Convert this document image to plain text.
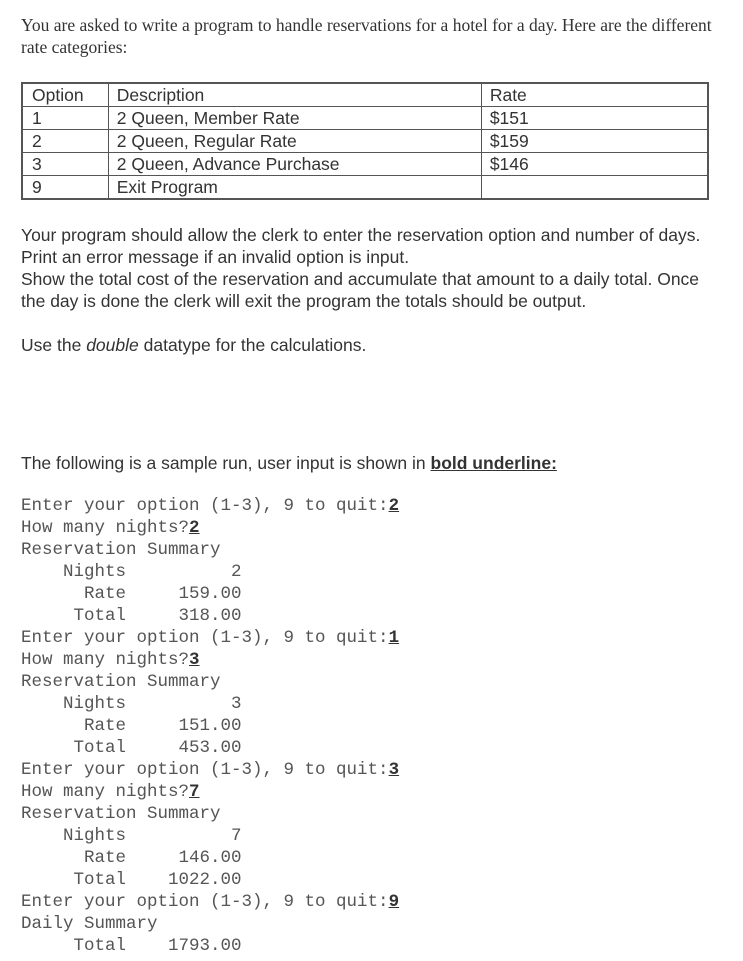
You are asked to write a program to handle reservations for a hotel for a day. Here are the different rate categories:
Option	Description	Rate
1	2 Queen, Member Rate	$151
2	2 Queen, Regular Rate	$159
3	2 Queen, Advance Purchase	$146
9	Exit Program	

Your program should allow the clerk to enter the reservation option and number of days. Print an error message if an invalid option is input.

Show the total cost of the reservation and accumulate that amount to a daily total. Once the day is done the clerk will exit the program the totals should be output.

Use the double datatype for the calculations.

The following is a sample run, user input is shown in bold underline:
Enter your option (1-3), 9 to quit:2
How many nights?2
Reservation Summary
Nights	2
Rate	159.00
Total	318.00
Enter your option (1-3), 9 to quit:1
How many nights?3
Reservation Summary
Nights	3
Rate	151.00
Total	453.00
Enter your option (1-3), 9 to quit:3
How many nights?7
Reservation Summary
Nights	7
Rate	146.00
Total 1022.00
Enter your option (1-3), 9 to quit:9
Daily Summary
Total 1793.00
